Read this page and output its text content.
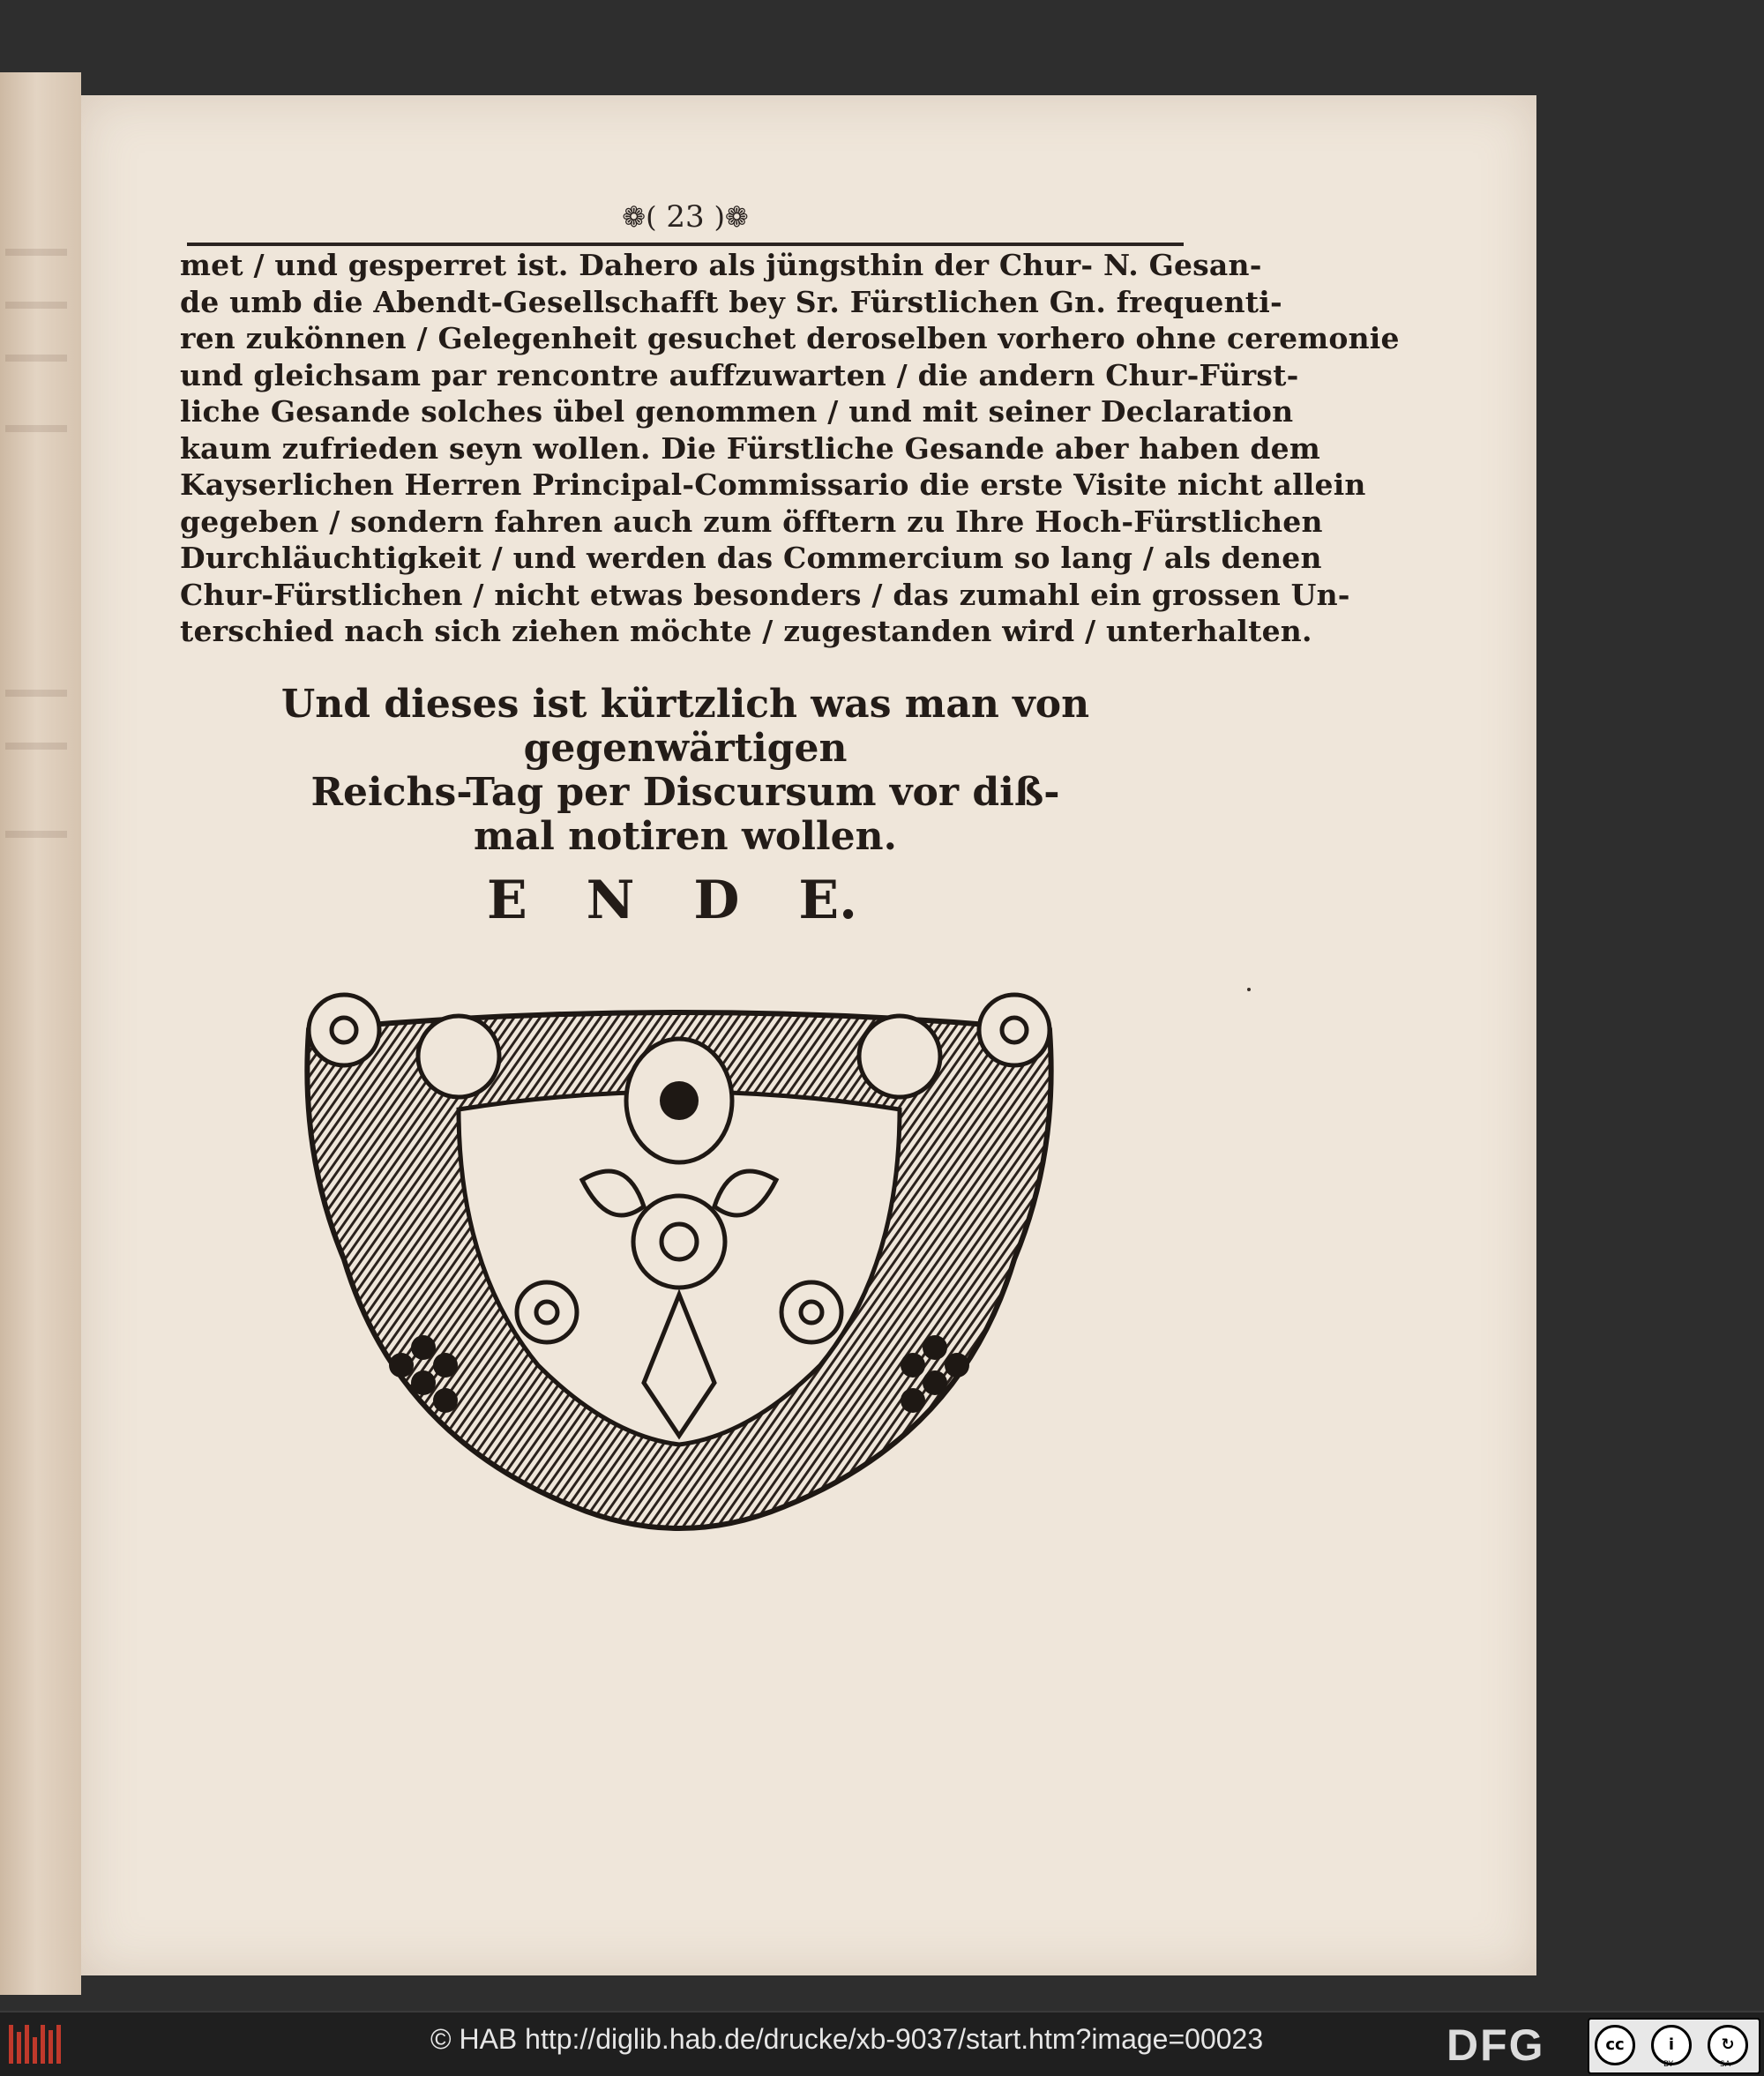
❁( 23 )❁
met / und gesperret ist. Dahero als jüngsthin der Chur- N. Gesan-
de umb die Abendt-Gesellschafft bey Sr. Fürstlichen Gn. frequenti-
ren zukönnen / Gelegenheit gesuchet deroselben vorhero ohne ceremonie
und gleichsam par rencontre auffzuwarten / die andern Chur-Fürst-
liche Gesande solches übel genommen / und mit seiner Declaration
kaum zufrieden seyn wollen. Die Fürstliche Gesande aber haben dem
Kayserlichen Herren Principal-Commissario die erste Visite nicht allein
gegeben / sondern fahren auch zum öfftern zu Ihre Hoch-Fürstlichen
Durchläuchtigkeit / und werden das Commercium so lang / als denen
Chur-Fürstlichen / nicht etwas besonders / das zumahl ein grossen Un-
terschied nach sich ziehen möchte / zugestanden wird / unterhalten.
Und dieses ist kürtzlich was man von gegenwärtigen
Reichs-Tag per Discursum vor diß-
mal notiren wollen.
E N D E.
© HAB http://diglib.hab.de/drucke/xb-9037/start.htm?image=00023	DFG	cc	i	↻
BY	SA
